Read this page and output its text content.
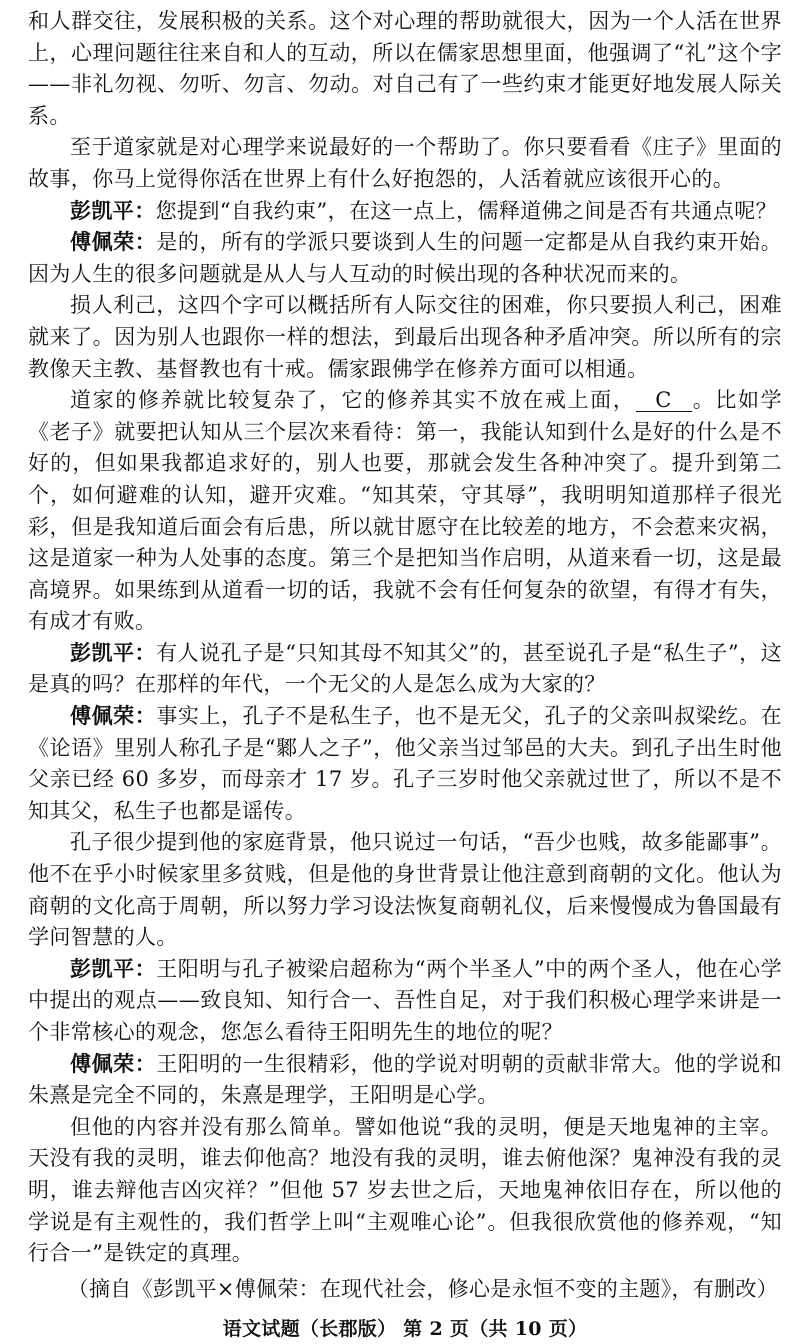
和人群交往，发展积极的关系。这个对心理的帮助就很大，因为一个人活在世界上，心理问题往往来自和人的互动，所以在儒家思想里面，他强调了“礼”这个字——非礼勿视、勿听、勿言、勿动。对自己有了一些约束才能更好地发展人际关系。

至于道家就是对心理学来说最好的一个帮助了。你只要看看《庄子》里面的故事，你马上觉得你活在世界上有什么好抱怨的，人活着就应该很开心的。

彭凯平：您提到“自我约束”，在这一点上，儒释道佛之间是否有共通点呢？

傅佩荣：是的，所有的学派只要谈到人生的问题一定都是从自我约束开始。因为人生的很多问题就是从人与人互动的时候出现的各种状况而来的。

损人利己，这四个字可以概括所有人际交往的困难，你只要损人利己，困难就来了。因为别人也跟你一样的想法，到最后出现各种矛盾冲突。所以所有的宗教像天主教、基督教也有十戒。儒家跟佛学在修养方面可以相通。

道家的修养就比较复杂了，它的修养其实不放在戒上面， C 。比如学《老子》就要把认知从三个层次来看待：第一，我能认知到什么是好的什么是不好的，但如果我都追求好的，别人也要，那就会发生各种冲突了。提升到第二个，如何避难的认知，避开灾难。“知其荣，守其辱”，我明明知道那样子很光彩，但是我知道后面会有后患，所以就甘愿守在比较差的地方，不会惹来灾祸，这是道家一种为人处事的态度。第三个是把知当作启明，从道来看一切，这是最高境界。如果练到从道看一切的话，我就不会有任何复杂的欲望，有得才有失，有成才有败。

彭凯平：有人说孔子是“只知其母不知其父”的，甚至说孔子是“私生子”，这是真的吗？在那样的年代，一个无父的人是怎么成为大家的？

傅佩荣：事实上，孔子不是私生子，也不是无父，孔子的父亲叫叔梁纥。在《论语》里别人称孔子是“鄹人之子”，他父亲当过邹邑的大夫。到孔子出生时他父亲已经 60 多岁，而母亲才 17 岁。孔子三岁时他父亲就过世了，所以不是不知其父，私生子也都是谣传。

孔子很少提到他的家庭背景，他只说过一句话，“吾少也贱，故多能鄙事”。他不在乎小时候家里多贫贱，但是他的身世背景让他注意到商朝的文化。他认为商朝的文化高于周朝，所以努力学习设法恢复商朝礼仪，后来慢慢成为鲁国最有学问智慧的人。

彭凯平：王阳明与孔子被梁启超称为“两个半圣人”中的两个圣人，他在心学中提出的观点——致良知、知行合一、吾性自足，对于我们积极心理学来讲是一个非常核心的观念，您怎么看待王阳明先生的地位的呢？

傅佩荣：王阳明的一生很精彩，他的学说对明朝的贡献非常大。他的学说和朱熹是完全不同的，朱熹是理学，王阳明是心学。

但他的内容并没有那么简单。譬如他说“我的灵明，便是天地鬼神的主宰。天没有我的灵明，谁去仰他高？地没有我的灵明，谁去俯他深？鬼神没有我的灵明，谁去辩他吉凶灾祥？”但他 57 岁去世之后，天地鬼神依旧存在，所以他的学说是有主观性的，我们哲学上叫“主观唯心论”。但我很欣赏他的修养观，“知行合一”是铁定的真理。

（摘自《彭凯平×傅佩荣：在现代社会，修心是永恒不变的主题》，有删改）

语文试题（长郡版） 第 2 页（共 10 页）
